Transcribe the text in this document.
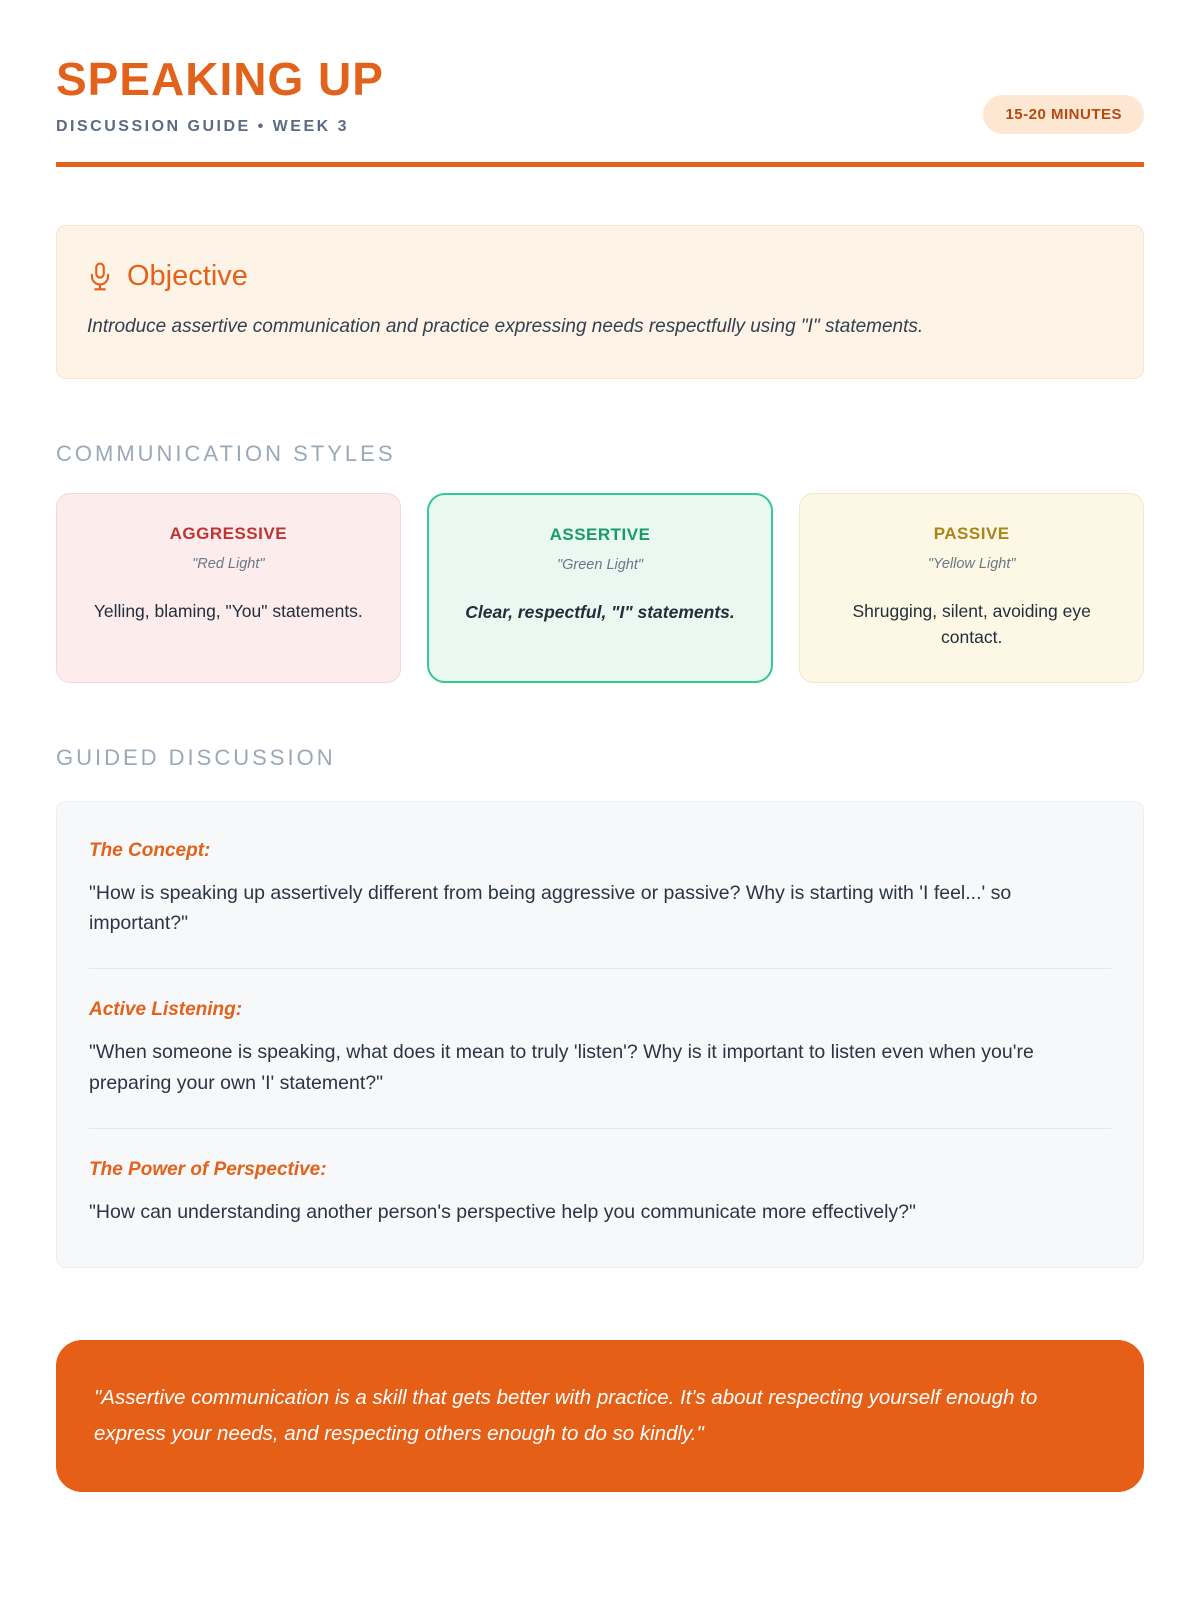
SPEAKING UP
DISCUSSION GUIDE • WEEK 3
15-20 MINUTES
Objective
Introduce assertive communication and practice expressing needs respectfully using "I" statements.
COMMUNICATION STYLES
AGGRESSIVE
"Red Light"
Yelling, blaming, "You" statements.
ASSERTIVE
"Green Light"
Clear, respectful, "I" statements.
PASSIVE
"Yellow Light"
Shrugging, silent, avoiding eye contact.
GUIDED DISCUSSION
The Concept:
"How is speaking up assertively different from being aggressive or passive? Why is starting with 'I feel...' so important?"
Active Listening:
"When someone is speaking, what does it mean to truly 'listen'? Why is it important to listen even when you're preparing your own 'I' statement?"
The Power of Perspective:
"How can understanding another person's perspective help you communicate more effectively?"
"Assertive communication is a skill that gets better with practice. It's about respecting yourself enough to express your needs, and respecting others enough to do so kindly."
